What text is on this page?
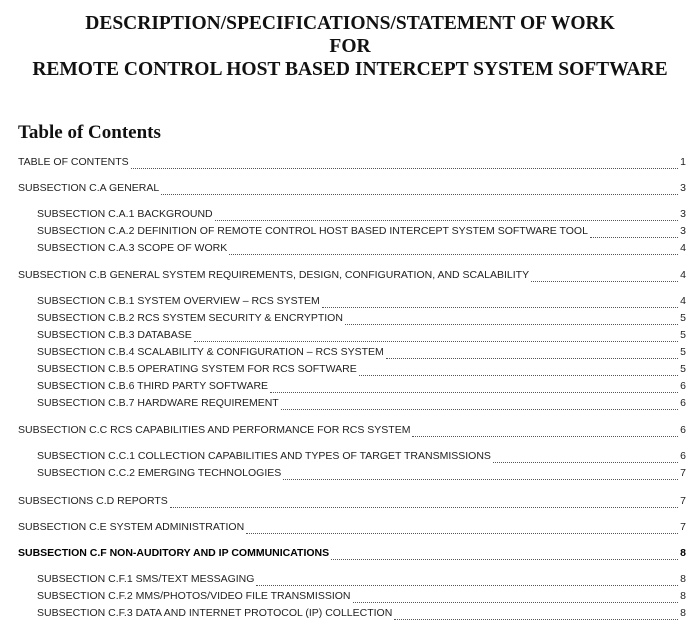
DESCRIPTION/SPECIFICATIONS/STATEMENT OF WORK
FOR
REMOTE CONTROL HOST BASED INTERCEPT SYSTEM SOFTWARE
Table of Contents
TABLE OF CONTENTS	1
SUBSECTION C.A GENERAL	3
SUBSECTION C.A.1 BACKGROUND	3
SUBSECTION C.A.2 DEFINITION OF REMOTE CONTROL HOST BASED INTERCEPT SYSTEM SOFTWARE TOOL	3
SUBSECTION C.A.3 SCOPE OF WORK	4
SUBSECTION C.B GENERAL SYSTEM REQUIREMENTS, DESIGN, CONFIGURATION, AND SCALABILITY	4
SUBSECTION C.B.1 SYSTEM OVERVIEW – RCS SYSTEM	4
SUBSECTION C.B.2 RCS SYSTEM SECURITY & ENCRYPTION	5
SUBSECTION C.B.3 DATABASE	5
SUBSECTION C.B.4 SCALABILITY & CONFIGURATION – RCS SYSTEM	5
SUBSECTION C.B.5 OPERATING SYSTEM FOR RCS SOFTWARE	5
SUBSECTION C.B.6 THIRD PARTY SOFTWARE	6
SUBSECTION C.B.7 HARDWARE REQUIREMENT	6
SUBSECTION C.C RCS CAPABILITIES AND PERFORMANCE FOR RCS SYSTEM	6
SUBSECTION C.C.1 COLLECTION CAPABILITIES AND TYPES OF TARGET TRANSMISSIONS	6
SUBSECTION C.C.2 EMERGING TECHNOLOGIES	7
SUBSECTIONS C.D REPORTS	7
SUBSECTION C.E SYSTEM ADMINISTRATION	7
SUBSECTION C.F NON-AUDITORY AND IP COMMUNICATIONS	8
SUBSECTION C.F.1 SMS/TEXT MESSAGING	8
SUBSECTION C.F.2 MMS/PHOTOS/VIDEO FILE TRANSMISSION	8
SUBSECTION C.F.3 DATA AND INTERNET PROTOCOL (IP) COLLECTION	8
